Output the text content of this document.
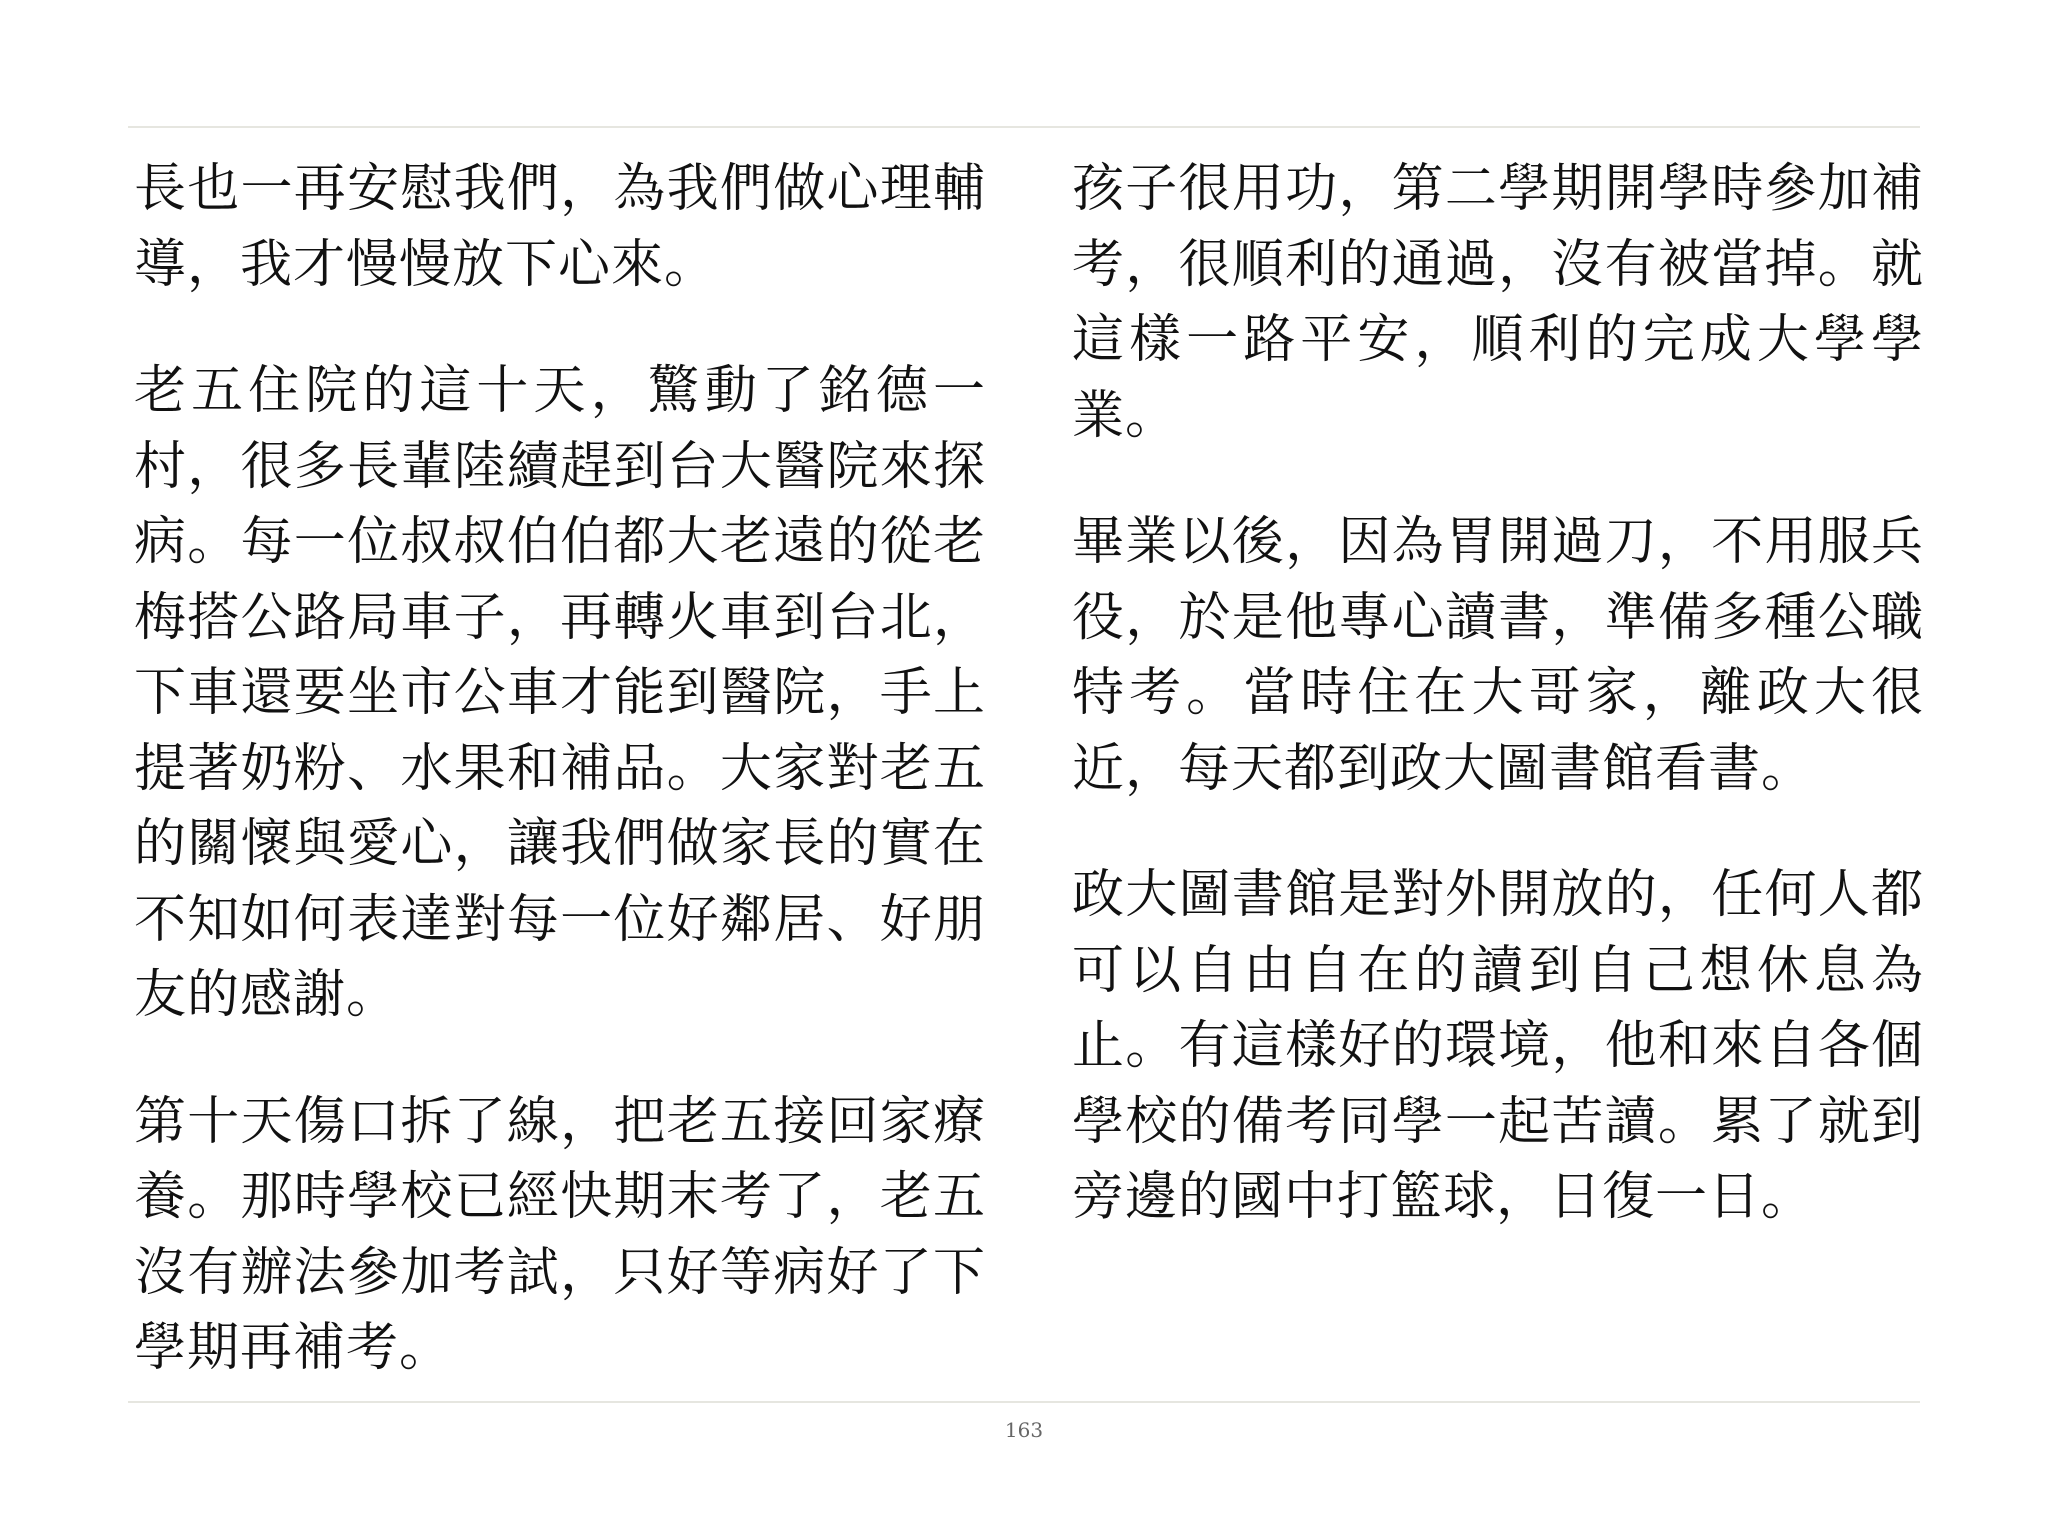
長也一再安慰我們，為我們做心理輔導，我才慢慢放下心來。

老五住院的這十天，驚動了銘德一村，很多長輩陸續趕到台大醫院來探病。每一位叔叔伯伯都大老遠的從老梅搭公路局車子，再轉火車到台北，下車還要坐市公車才能到醫院，手上提著奶粉、水果和補品。大家對老五的關懷與愛心，讓我們做家長的實在不知如何表達對每一位好鄰居、好朋友的感謝。

第十天傷口拆了線，把老五接回家療養。那時學校已經快期末考了，老五沒有辦法參加考試，只好等病好了下學期再補考。

孩子很用功，第二學期開學時參加補考，很順利的通過，沒有被當掉。就這樣一路平安，順利的完成大學學業。

畢業以後，因為胃開過刀，不用服兵役，於是他專心讀書，準備多種公職特考。當時住在大哥家，離政大很近，每天都到政大圖書館看書。

政大圖書館是對外開放的，任何人都可以自由自在的讀到自己想休息為止。有這樣好的環境，他和來自各個學校的備考同學一起苦讀。累了就到旁邊的國中打籃球，日復一日。

163
